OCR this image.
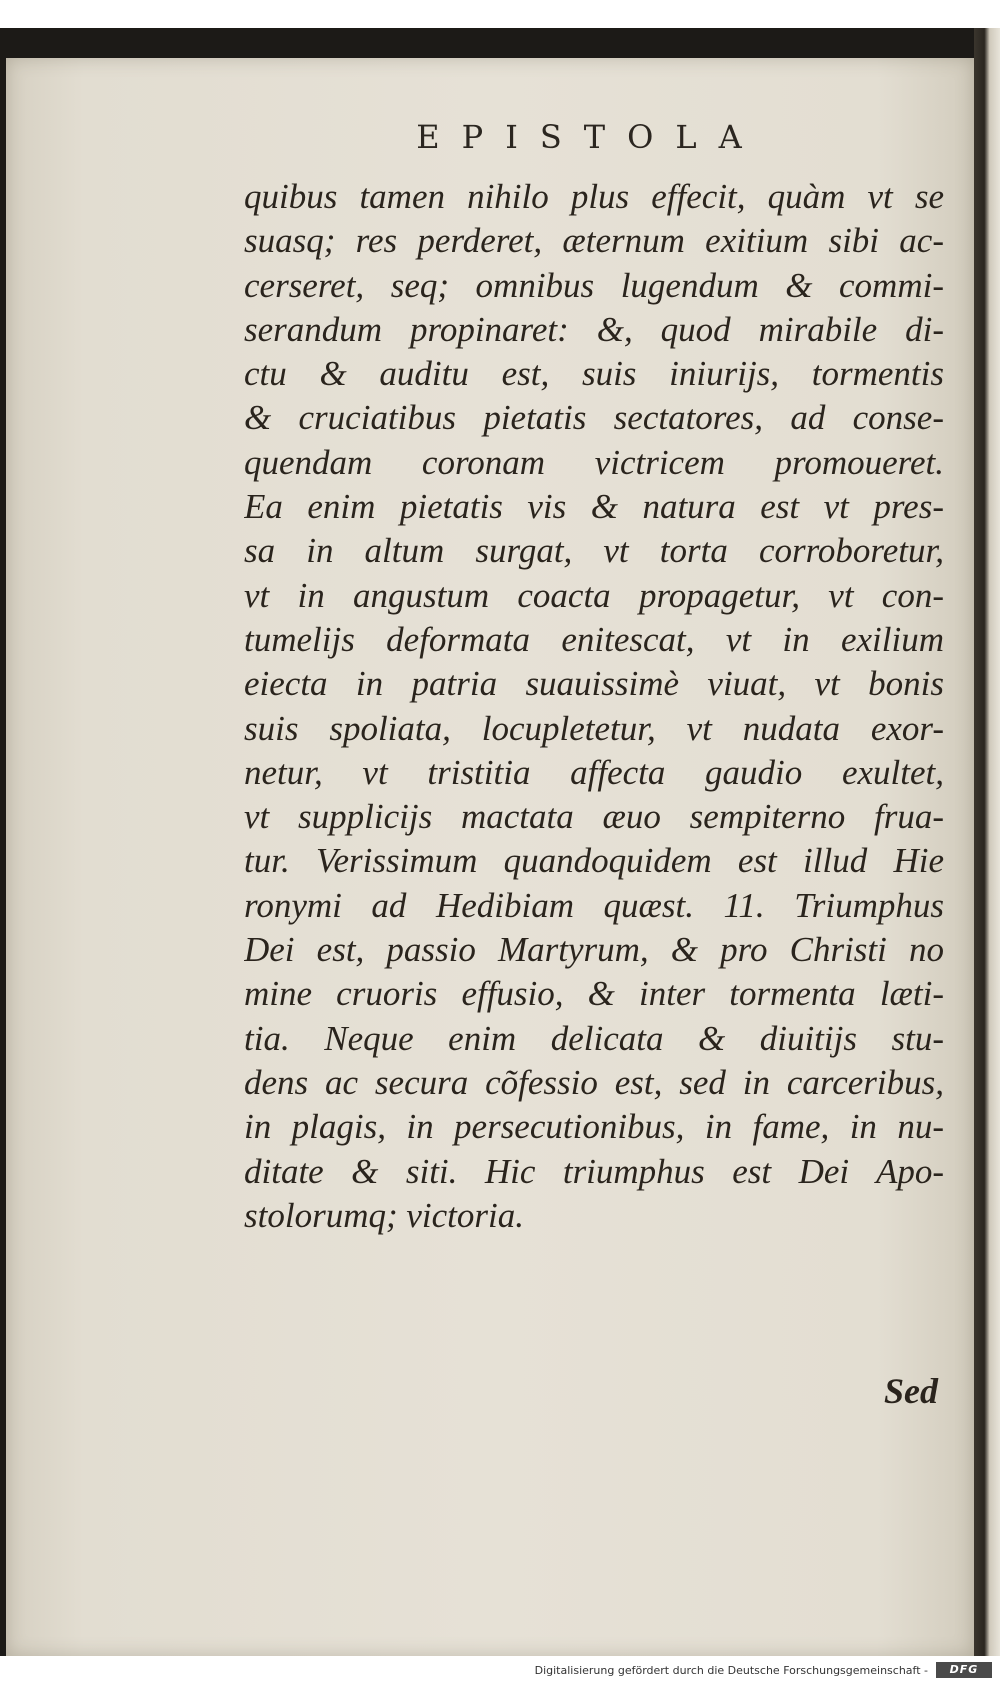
EPISTOLA
quibus tamen nihilo plus effecit, quàm vt se
suasq; res perderet, æternum exitium sibi ac-
cerseret, seq; omnibus lugendum & commi-
serandum propinaret: &, quod mirabile di-
ctu & auditu est, suis iniurijs, tormentis
& cruciatibus pietatis sectatores, ad conse-
quendam coronam victricem promoueret.
Ea enim pietatis vis & natura est vt pres-
sa in altum surgat, vt torta corroboretur,
vt in angustum coacta propagetur, vt con-
tumelijs deformata enitescat, vt in exilium
eiecta in patria suauissimè viuat, vt bonis
suis spoliata, locupletetur, vt nudata exor-
netur, vt tristitia affecta gaudio exultet,
vt supplicijs mactata æuo sempiterno frua-
tur. Verissimum quandoquidem est illud Hie
ronymi ad Hedibiam quæst. 11. Triumphus
Dei est, passio Martyrum, & pro Christi no
mine cruoris effusio, & inter tormenta læti-
tia. Neque enim delicata & diuitijs stu-
dens ac secura cõfessio est, sed in carceribus,
in plagis, in persecutionibus, in fame, in nu-
ditate & siti. Hic triumphus est Dei Apo-
stolorumq; victoria.
Sed
Digitalisierung gefördert durch die Deutsche Forschungsgemeinschaft -	DFG
